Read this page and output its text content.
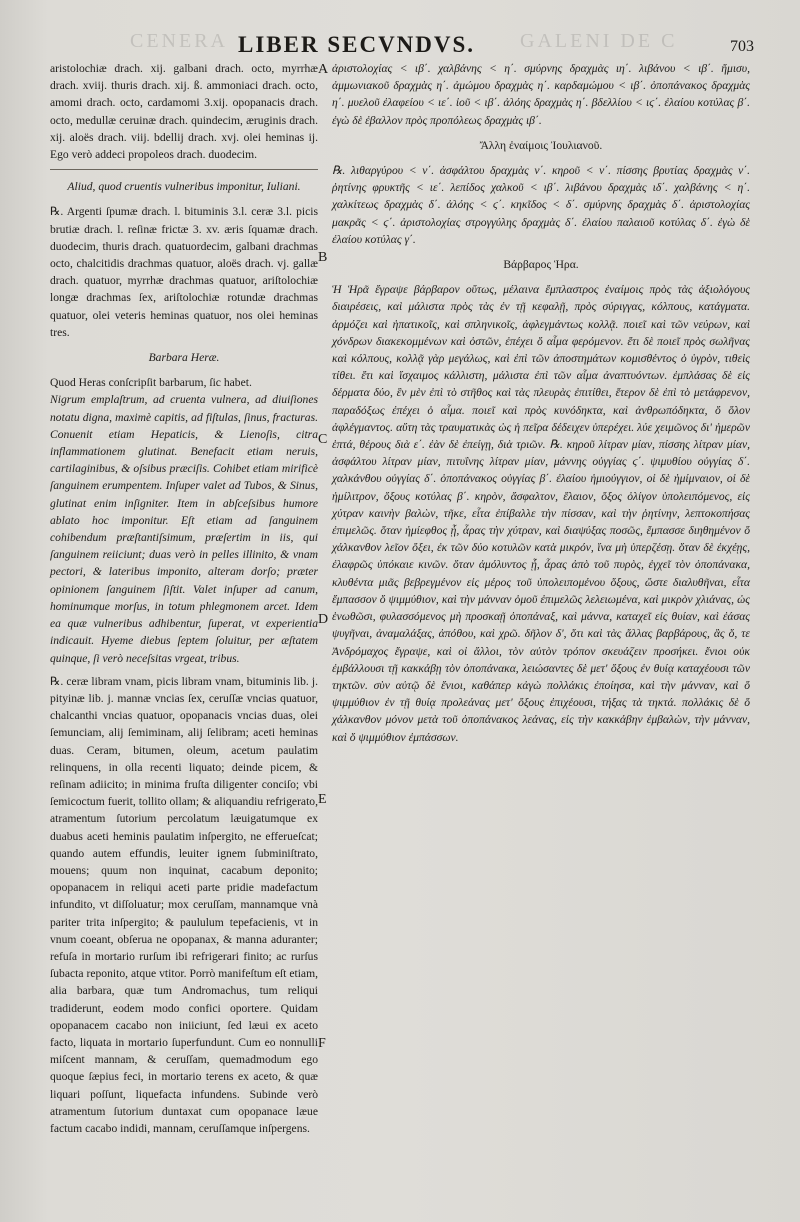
CENERA	GALENI DE C
LIBER SECVNDVS.	703

aristolochiæ drach. xij. galbani drach. octo, myrrhæ drach. xviij. thuris drach. xij. ß. ammoniaci drach. octo, amomi drach. octo, cardamomi 3.xij. opopanacis drach. octo, medullæ ceruinæ drach. quindecim, æruginis drach. xij. aloës drach. viij. bdellij drach. xvj. olei heminas ij. Ego verò addeci propoleos drach. duodecim.

Aliud, quod cruentis vulneribus imponitur, Iuliani.

℞. Argenti ſpumæ drach. l. bituminis 3.l. ceræ 3.l. picis brutiæ drach. l. reſinæ frictæ 3. xv. æris ſquamæ drach. duodecim, thuris drach. quatuordecim, galbani drachmas octo, chalcitidis drachmas quatuor, aloës drach. vj. gallæ drach. quatuor, myrrhæ drachmas quatuor, ariſtolochiæ longæ drachmas ſex, ariſtolochiæ rotundæ drachmas quatuor, olei veteris heminas quatuor, nos olei heminas tres.

Barbara Heræ.

Quod Heras conſcripſit barbarum, ſic habet.

Nigrum emplaſtrum, ad cruenta vulnera, ad diuiſiones notatu digna, maximè capitis, ad fiſtulas, ſinus, fracturas. Conuenit etiam Hepaticis, & Lienoſis, citra inflammationem glutinat. Benefacit etiam neruis, cartilaginibus, & oſsibus præciſis. Cohibet etiam mirificè ſanguinem erumpentem. Inſuper valet ad Tubos, & Sinus, glutinat enim inſigniter. Item in abſceſsibus humore ablato hoc imponitur. Eſt etiam ad ſanguinem cohibendum præſtantiſsimum, præſertim in iis, qui ſanguinem reiiciunt; duas verò in pelles illinito, & vnam pectori, & lateribus imponito, alteram dorſo; præter opinionem ſanguinem ſiſtit. Valet inſuper ad canum, hominumque morſus, in totum phlegmonem arcet. Idem ea quæ vulneribus adhibentur, ſuperat, vt experientia indicauit. Hyeme diebus ſeptem ſoluitur, per æſtatem quinque, ſi verò neceſsitas vrgeat, tribus.

℞. ceræ libram vnam, picis libram vnam, bituminis lib. j. pityinæ lib. j. mannæ vncias ſex, ceruſſæ vncias quatuor, chalcanthi vncias quatuor, opopanacis vncias duas, olei ſemunciam, alij ſemiminam, alij ſelibram; aceti heminas duas. Ceram, bitumen, oleum, acetum paulatim relinquens, in olla recenti liquato; deinde picem, & reſinam adiicito; in minima fruſta diligenter conciſo; vbi ſemicoctum fuerit, tollito ollam; & aliquandiu refrigerato, atramentum ſutorium percolatum læuigatumque ex duabus aceti heminis paulatim inſpergito, ne efferueſcat; quando autem effundis, leuiter ignem ſubminiſtrato, mouens; quum non inquinat, cacabum deponito; opopanacem in reliqui aceti parte pridie madefactum infundito, vt diſſoluatur; mox ceruſſam, mannamque vnà pariter trita inſpergito; & paululum tepefacienis, vt in vnum coeant, obſerua ne opopanax, & manna aduranter; refuſa in mortario rurſum ibi refrigerari finito; ac rurſus ſubacta reponito, atque vtitor. Porrò manifeſtum eſt etiam, alia barbara, quæ tum Andromachus, tum reliqui tradiderunt, eodem modo confici oportere. Quidam opopanacem cacabo non iniiciunt, ſed læui ex aceto facto, liquata in mortario ſuperfundunt. Cum eo nonnulli miſcent mannam, & ceruſſam, quemadmodum ego quoque ſæpius feci, in mortario terens ex aceto, & quæ liquari poſſunt, liquefacta infundens. Subinde verò atramentum ſutorium duntaxat cum opopanace læue factum cacabo indidi, mannam, ceruſſamque inſpergens.

A
B
C
D
E
F

ἀριστολοχίας < ιβ΄. χαλβάνης < η΄. σμύρνης δραχμὰς ιη΄. λιβάνου < ιβ΄. ἥμισυ, ἀμμωνιακοῦ δραχμὰς η΄. ἀμώμου δραχμὰς η΄. καρδαμώμου < ιβ΄. ὀποπάνακος δραχμὰς η΄. μυελοῦ ἐλαφείου < ιε΄. ἰοῦ < ιβ΄. ἀλόης δραχμὰς η΄. βδελλίου < ιϛ΄. ἐλαίου κοτύλας β΄. ἐγὼ δὲ ἐβαλλον πρὸς προπόλεως δραχμὰς ιβ΄.

Ἄλλη ἐναίμοις Ἰουλιανοῦ.

℞. λιθαργύρου < ν΄. ἀσφάλτου δραχμὰς ν΄. κηροῦ < ν΄. πίσσης βρυτίας δραχμὰς ν΄. ῥητίνης φρυκτῆς < ιε΄. λεπίδος χαλκοῦ < ιβ΄. λιβάνου δραχμὰς ιδ΄. χαλβάνης < η΄. χαλκίτεως δραχμὰς δ΄. ἀλόης < ϛ΄. κηκῖδος < δ΄. σμύρνης δραχμὰς δ΄. ἀριστολοχίας μακρᾶς < ϛ΄. ἀριστολοχίας στρογγύλης δραχμὰς δ΄. ἐλαίου παλαιοῦ κοτύλας δ΄. ἐγὼ δὲ ἐλαίου κοτύλας γ΄.

Βάρβαρος Ἡρα.

Ἡ Ἡρᾶ ἔγραψε βάρβαρον οὕτως, μέλαινα ἔμπλαστρος ἐναίμοις πρὸς τὰς ἀξιολόγους διαιρέσεις, καὶ μάλιστα πρὸς τὰς ἐν τῇ κεφαλῇ, πρὸς σύριγγας, κόλπους, κατάγματα. ἁρμόζει καὶ ἡπατικοῖς, καὶ σπληνικοῖς, ἀφλεγμάντως κολλᾷ. ποιεῖ καὶ τῶν νεύρων, καὶ χόνδρων διακεκομμένων καὶ ὀστῶν, ἐπέχει ὅ αἷμα φερόμενον. ἔτι δὲ ποιεῖ πρὸς σωλῆνας καὶ κόλπους, κολλᾷ γὰρ μεγάλως, καὶ ἐπὶ τῶν ἀποστημάτων κομισθέντος ὁ ὑγρὸν, τιθεὶς τίθει. ἔτι καὶ ἴσχαιμος κάλλιστη, μάλιστα ἐπὶ τῶν αἷμα ἀναπτυόντων. ἐμπλάσας δὲ εἰς δέρματα δύο, ἓν μὲν ἐπὶ τὸ στῆθος καὶ τὰς πλευρὰς ἐπιτίθει, ἕτερον δὲ ἐπὶ τὸ μετάφρενον, παραδόξως ἐπέχει ὁ αἷμα. ποιεῖ καὶ πρὸς κυνόδηκτα, καὶ ἀνθρωπόδηκτα, ὅ ὅλον ἀφλέγμαντος. αὕτη τὰς τραυματικὰς ὡς ἡ πεῖρα δέδειχεν ὑπερέχει. λύε χειμῶνος δι' ἡμερῶν ἑπτά, θέρους διὰ ε΄. ἐὰν δὲ ἐπείγῃ, διὰ τριῶν. ℞. κηροῦ λίτραν μίαν, πίσσης λίτραν μίαν, ἀσφάλτου λίτραν μίαν, πιτυΐνης λίτραν μίαν, μάννης οὐγγίας ϛ΄. ψιμυθίου οὐγγίας δ΄. χαλκάνθου οὐγγίας δ΄. ὀποπάνακος οὐγγίας β΄. ἐλαίου ἡμιούγγιον, οἱ δὲ ἡμίμναιον, οἱ δὲ ἡμίλιτρον, ὄξους κοτύλας β΄. κηρὸν, ἄσφαλτον, ἔλαιον, ὄξος ὀλίγον ὑπολειπόμενος, εἰς χύτραν καινὴν βαλὼν, τῆκε, εἶτα ἐπίβαλλε τὴν πίσσαν, καὶ τὴν ῥητίνην, λεπτοκοπήσας ἐπιμελῶς. ὅταν ἡμίεφθος ᾖ, ἆρας τὴν χύτραν, καὶ διαψύξας ποσῶς, ἔμπασσε διηθημένον ὅ χάλκανθον λεῖον ὄξει, ἐκ τῶν δύο κοτυλῶν κατὰ μικρόν, ἵνα μὴ ὑπερζέσῃ. ὅταν δὲ ἐκχέῃς, ἐλαφρῶς ὑπόκαιε κινῶν. ὅταν ἀμόλυντος ᾖ, ἆρας ἀπὸ τοῦ πυρὸς, ἐγχεῖ τὸν ὀποπάνακα, κλυθέντα μιᾶς βεβρεγμένον εἰς μέρος τοῦ ὑπολειπομένου ὄξους, ὥστε διαλυθῆναι, εἶτα ἔμπασσον ὅ ψιμμύθιον, καὶ τὴν μάνναν ὁμοῦ ἐπιμελῶς λελειωμένα, καὶ μικρὸν χλιάνας, ὡς ἑνωθῶσι, φυλασσόμενος μὴ προσκαῇ ὀποπάναξ, καὶ μάννα, καταχεῖ εἰς θυίαν, καὶ ἐάσας ψυγῆναι, ἀναμαλάξας, ἀπόθου, καὶ χρῶ. δῆλον δ', ὅτι καὶ τὰς ἄλλας βαρβάρους, ἃς ὅ, τε Ἀνδρόμαχος ἔγραψε, καὶ οἱ ἄλλοι, τὸν αὐτὸν τρόπον σκευάζειν προσήκει. ἔνιοι οὐκ ἐμβάλλουσι τῇ κακκάβῃ τὸν ὀποπάνακα, λειώσαντες δὲ μετ' ὄξους ἐν θυίᾳ καταχέουσι τῶν τηκτῶν. σὺν αὐτῷ δὲ ἔνιοι, καθάπερ κἀγὼ πολλάκις ἐποίησα, καὶ τὴν μάνναν, καὶ ὅ ψιμμύθιον ἐν τῇ θυίᾳ προλεάνας μετ' ὄξους ἐπιχέουσι, τήξας τὰ τηκτά. πολλάκις δὲ ὅ χάλκανθον μόνον μετὰ τοῦ ὀποπάνακος λεάνας, εἰς τὴν κακκάβην ἐμβαλὼν, τὴν μάνναν, καὶ ὅ ψιμμύθιον ἐμπάσσων.
